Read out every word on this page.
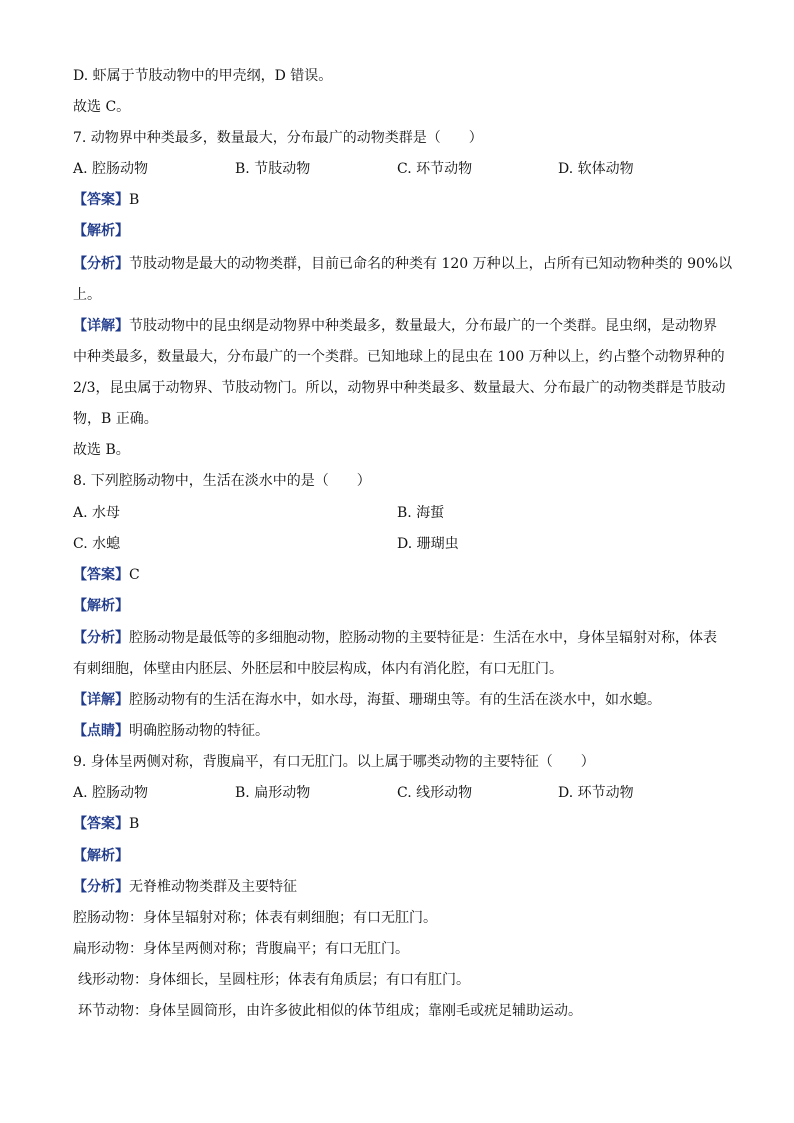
D. 虾属于节肢动物中的甲壳纲，D 错误。
故选 C。
7. 动物界中种类最多，数量最大，分布最广的动物类群是（　　）
A. 腔肠动物	B. 节肢动物	C. 环节动物	D. 软体动物
【答案】B
【解析】
【分析】节肢动物是最大的动物类群，目前已命名的种类有 120 万种以上，占所有已知动物种类的 90%以
上。
【详解】节肢动物中的昆虫纲是动物界中种类最多，数量最大，分布最广的一个类群。昆虫纲，是动物界
中种类最多，数量最大，分布最广的一个类群。已知地球上的昆虫在 100 万种以上，约占整个动物界种的
2/3，昆虫属于动物界、节肢动物门。所以，动物界中种类最多、数量最大、分布最广的动物类群是节肢动
物，B 正确。
故选 B。
8. 下列腔肠动物中，生活在淡水中的是（　　）
A. 水母	B. 海蜇
C. 水螅	D. 珊瑚虫
【答案】C
【解析】
【分析】腔肠动物是最低等的多细胞动物，腔肠动物的主要特征是：生活在水中，身体呈辐射对称，体表
有刺细胞，体壁由内胚层、外胚层和中胶层构成，体内有消化腔，有口无肛门。
【详解】腔肠动物有的生活在海水中，如水母，海蜇、珊瑚虫等。有的生活在淡水中，如水螅。
【点睛】明确腔肠动物的特征。
9. 身体呈两侧对称，背腹扁平，有口无肛门。以上属于哪类动物的主要特征（　　）
A. 腔肠动物	B. 扁形动物	C. 线形动物	D. 环节动物
【答案】B
【解析】
【分析】无脊椎动物类群及主要特征
腔肠动物：身体呈辐射对称；体表有刺细胞；有口无肛门。
扁形动物：身体呈两侧对称；背腹扁平；有口无肛门。
线形动物：身体细长，呈圆柱形；体表有角质层；有口有肛门。
环节动物：身体呈圆筒形，由许多彼此相似的体节组成；靠刚毛或疣足辅助运动。
